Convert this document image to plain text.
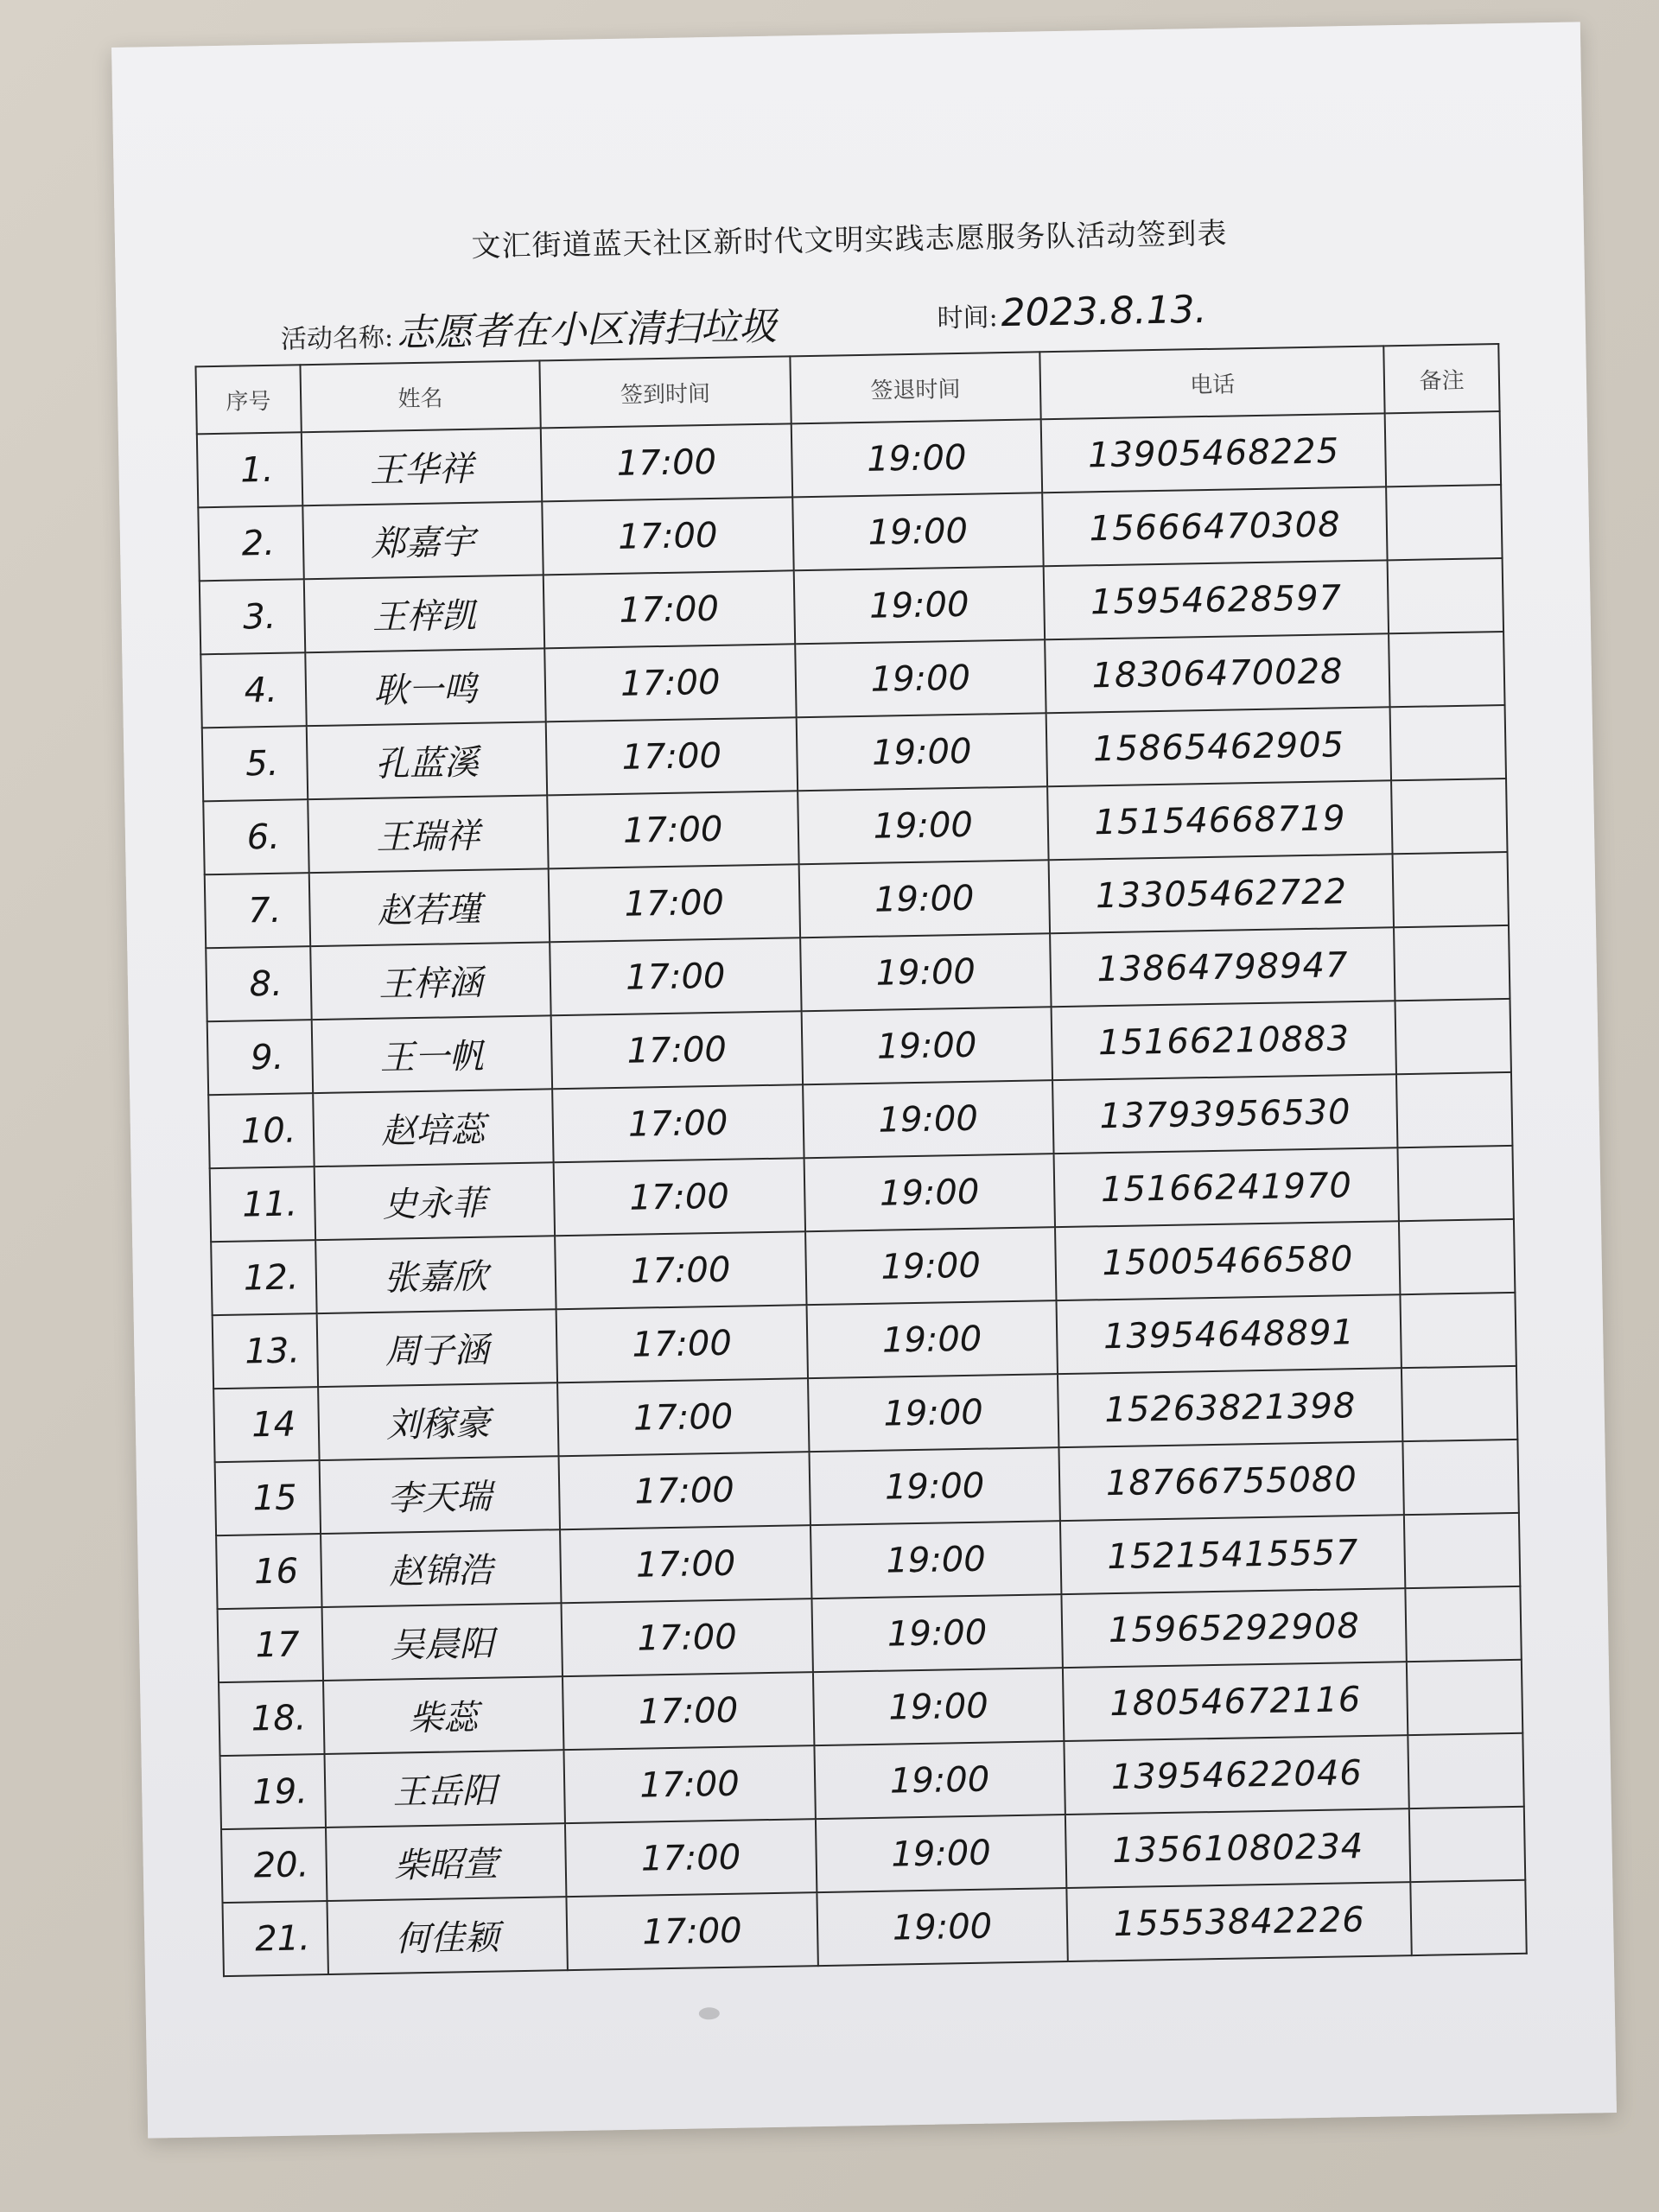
文汇街道蓝天社区新时代文明实践志愿服务队活动签到表
活动名称:志愿者在小区清扫垃圾	时间:2023.8.13.
序号	姓名	签到时间	签退时间	电话	备注
1.	王华祥	17:00	19:00	13905468225	
2.	郑嘉宇	17:00	19:00	15666470308	
3.	王梓凯	17:00	19:00	15954628597	
4.	耿一鸣	17:00	19:00	18306470028	
5.	孔蓝溪	17:00	19:00	15865462905	
6.	王瑞祥	17:00	19:00	15154668719	
7.	赵若瑾	17:00	19:00	13305462722	
8.	王梓涵	17:00	19:00	13864798947	
9.	王一帆	17:00	19:00	15166210883	
10.	赵培蕊	17:00	19:00	13793956530	
11.	史永菲	17:00	19:00	15166241970	
12.	张嘉欣	17:00	19:00	15005466580	
13.	周子涵	17:00	19:00	13954648891	
14	刘稼豪	17:00	19:00	15263821398	
15	李天瑞	17:00	19:00	18766755080	
16	赵锦浩	17:00	19:00	15215415557	
17	吴晨阳	17:00	19:00	15965292908	
18.	柴蕊	17:00	19:00	18054672116	
19.	王岳阳	17:00	19:00	13954622046	
20.	柴昭萱	17:00	19:00	13561080234	
21.	何佳颖	17:00	19:00	15553842226	
